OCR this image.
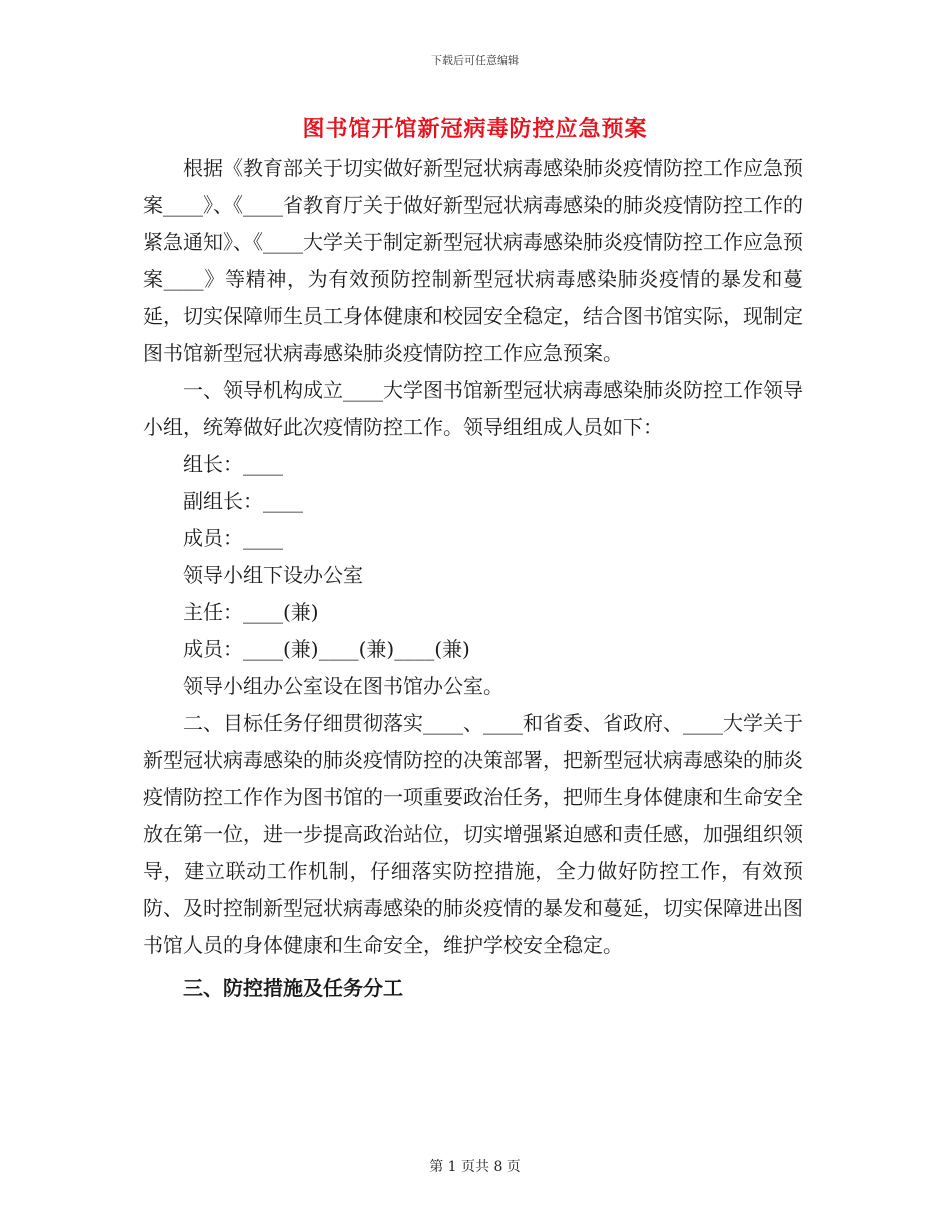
下载后可任意编辑
图书馆开馆新冠病毒防控应急预案

根据《教育部关于切实做好新型冠状病毒感染肺炎疫情防控工作应急预案____》、《____省教育厅关于做好新型冠状病毒感染的肺炎疫情防控工作的紧急通知》、《____大学关于制定新型冠状病毒感染肺炎疫情防控工作应急预案____》等精神，为有效预防控制新型冠状病毒感染肺炎疫情的暴发和蔓延，切实保障师生员工身体健康和校园安全稳定，结合图书馆实际，现制定图书馆新型冠状病毒感染肺炎疫情防控工作应急预案。

一、领导机构成立____大学图书馆新型冠状病毒感染肺炎防控工作领导小组，统筹做好此次疫情防控工作。领导组组成人员如下：

组长：____

副组长：____

成员：____

领导小组下设办公室

主任：____(兼)

成员：____(兼)____(兼)____(兼)

领导小组办公室设在图书馆办公室。

二、目标任务仔细贯彻落实____、____和省委、省政府、____大学关于新型冠状病毒感染的肺炎疫情防控的决策部署，把新型冠状病毒感染的肺炎疫情防控工作作为图书馆的一项重要政治任务，把师生身体健康和生命安全放在第一位，进一步提高政治站位，切实增强紧迫感和责任感，加强组织领导，建立联动工作机制，仔细落实防控措施，全力做好防控工作，有效预防、及时控制新型冠状病毒感染的肺炎疫情的暴发和蔓延，切实保障进出图书馆人员的身体健康和生命安全，维护学校安全稳定。

三、防控措施及任务分工

第 1 页共 8 页
